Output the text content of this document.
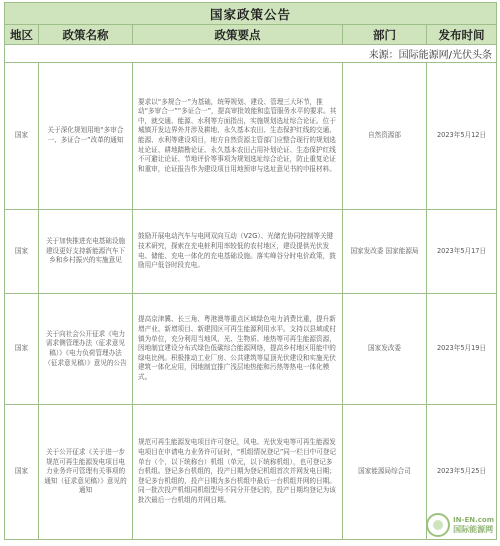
国家政策公告				
地区	政策名称	政策要点	部门	发布时间
来源：国际能源网/光伏头条				
国家	关于深化规划用地“多审合一、多证合一”改革的通知	要求以“多规合一”为基础，统筹规划、建设、管理三大环节，推动“多审合一”“多证合一”，提高审批效能和监管服务水平的要求。其中，就交通、能源、水利等方面指出，实施规划选址综合论证。位于城镇开发边界外并涉及耕地、永久基本农田、生态保护红线的交通、能源、水利等建设项目，地方自然资源主管部门应整合现行的规划选址论证、耕地踏勘论证、永久基本农田占用补划论证、生态保护红线不可避让论证、节地评价等事项为规划选址综合论证，防止重复论证和重审，论证报告作为建设项目用地预审与选址意见书的申报材料。	自然资源部	2023年5月12日
国家	关于加快推进充电基础设施建设更好支持新能源汽车下乡和乡村振兴的实施意见	鼓励开展电动汽车与电网双向互动（V2G）、光储充协同控制等关键技术研究，探索在充电桩利用率较低的农村地区，建设提供光伏发电、储能、充电一体化的充电基础设施。落实峰谷分时电价政策，鼓励用户低谷时段充电。	国家发改委 国家能源局	2023年5月17日
国家	关于向社会公开征求《电力需求侧管理办法（征求意见稿）》《电力负荷管理办法（征求意见稿）》意见的公告	提高京津冀、长三角、粤港澳等重点区域绿色电力消费比重，提升新增产业、新增项目、新建园区可再生能源利用水平。支持以县域或村镇为单位，充分利用当地风、光、生物质、地热等可再生能源资源，因地制宜建设分布式绿色低碳综合能源网络，提高乡村地区用能中的绿电比例。积极推动工业厂房、公共建筑等屋顶光伏建设和实施光伏建筑一体化应用，因地制宜推广浅层地热能和污热等热电一体化模式。	国家发改委	2023年5月19日
国家	关于公开征求《关于进一步规范可再生能源发电项目电力业务许可管理有关事项的通知（征求意见稿）》意见的通知	规范可再生能源发电项目许可登记，风电、光伏发电等可再生能源发电项目在申请电力业务许可证时，“机组情况登记”同一栏目中可登记单台（个，以下统称台）机组（单元，以下统称机组），也可登记多台机组。登记多台机组的，投产日期为登记机组首次并网发电日期；登记多台机组的，投产日期为多台机组中最后一台机组并网的日期。同一批次投产机组同机组型号不同分开登记的，投产日期均登记为该批次最后一台机组的并网日期。	国家能源局综合司	2023年5月25日
IN-EN.com
国际能源网
